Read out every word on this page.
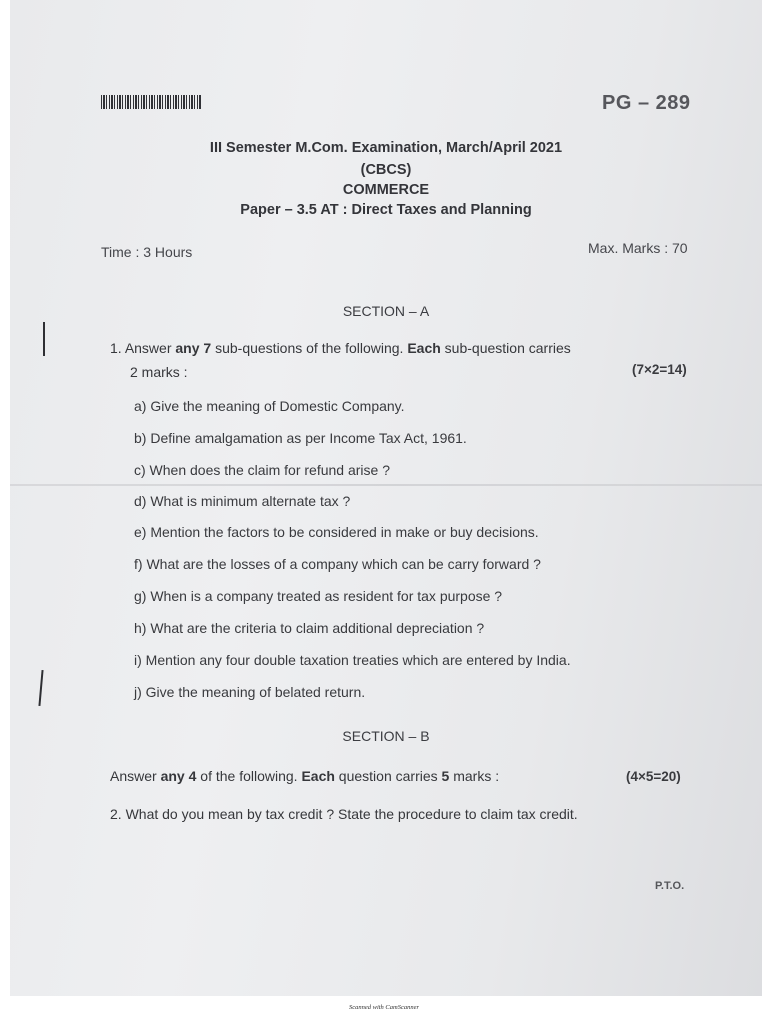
PG – 289
III Semester M.Com. Examination, March/April 2021
(CBCS)
COMMERCE
Paper – 3.5 AT : Direct Taxes and Planning
Time : 3 Hours	Max. Marks : 70
SECTION – A
1. Answer any 7 sub-questions of the following. Each sub-question carries
2 marks :	(7×2=14)
a) Give the meaning of Domestic Company.
b) Define amalgamation as per Income Tax Act, 1961.
c) When does the claim for refund arise ?
d) What is minimum alternate tax ?
e) Mention the factors to be considered in make or buy decisions.
f) What are the losses of a company which can be carry forward ?
g) When is a company treated as resident for tax purpose ?
h) What are the criteria to claim additional depreciation ?
i) Mention any four double taxation treaties which are entered by India.
j) Give the meaning of belated return.
SECTION – B
Answer any 4 of the following. Each question carries 5 marks :	(4×5=20)
2. What do you mean by tax credit ? State the procedure to claim tax credit.
P.T.O.
Scanned with CamScanner
